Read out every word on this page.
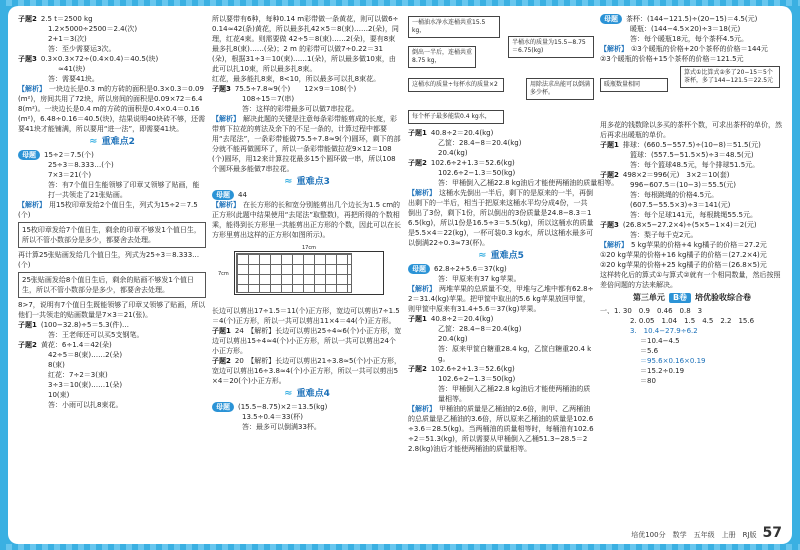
子题2 2.5 t＝2500 kg
1.2×5000÷2500＝2.4(次)
2+1＝3(次)
答：至少需要运3次。
子题3 0.3×0.3×72÷(0.4×0.4)＝40.5(块)
≈41(块)
答：需要41块。
【解析】 一块边长是0.3 m的方砖的面积是0.3×0.3＝0.09(m²)，房间共用了72块，所以房间的面积是0.09×72＝6.48(m²)。一块边长是0.4 m的方砖的面积是0.4×0.4＝0.16(m²)，6.48÷0.16＝40.5(块)，结果说明40块砖不够，还需要41块才能铺满，所以要用“进一法”，即需要41块。
≈ 重难点2
母题 15÷2＝7.5(个)
25÷3＝8.333…(个)
7×3＝21(个)
答：有7个值日生能领够了印章又领够了贴画，能打一共领走了21张贴画。
【解析】 用15枚印章发给2个值日生，列式为15÷2＝7.5(个)
15枚印章发给7个值日生，剩余的印章不够发1个值日生，所以不管小数部分是多少，都要舍去处理。
再计算25张贴画发给几个值日生，列式为25÷3＝8.333…(个)
25张贴画发给8个值日生后，剩余的贴画不够发1个值日生，所以不管小数部分是多少，都要舍去处理。
8>7，说明有7个值日生既能领够了印章又领够了贴画，所以他们一共领走的贴画数量是7×3＝21(张)。
子题1 (100−32.8)÷5＝5.3(件)…
答：王老师还可以买5支钢笔。
子题2 黄花：6÷1.4＝42(朵)
42÷5＝8(束)……2(朵)
8(束)
红花：7÷2＝3(束)
3÷3＝10(束)……1(朵)
10(束)
答：小雨可以扎8束花。
所以要带有6种，每种0.14 m彩带做一条黄花，则可以做6÷0.14≈42(条)黄花，所以最多扎42×5＝8(束)……2(朵)，同理，红花4束。则需要做 42÷5＝8(束)……2(朵)，要有8束最多扎8(束)……(朵)；2 m 的彩带可以做7÷0.22＝31(朵)，根据31÷3＝10(束)……1(朵)，所以最多做10束，由此可以扎10束，所以最多扎8束。
红花，最多能扎8束，8<10，所以最多可以扎8束花。
子题3 75.5÷7.8≈9(个)　　12×9＝108(个)
108÷15＝7(串)
答：这样的彩带最多可以做7串拉花。
【解析】 解决此题的关键是注意每条彩带能剪成的长度，彩带剪下拉花的剪法及余下的不足一条的，计算过程中都要用“去尾法”，一条彩带能做75.5÷7.8≈9(个)圆环，剩下的部分就不能再做圆环了，所以一条彩带能做拉花9×12＝108(个)圆环，用12来计算拉花最多15个圆环做一串，所以108个圆环最多能做7串拉花。
≈ 重难点3
母题 44
【解析】 在长方形的长和宽分别能剪出几个边长为1.5 cm的正方形(此题中结果使用“去尾法”取整数)，再把所得的个数相乘，能得到长方形里一共能剪出正方形的个数，因此可以在长方形里剪出这样的正方形(如图所示)。
17cm
7cm
长边可以剪出17÷1.5＝11(个)正方形，宽边可以剪出7÷1.5＝4(个)正方形，所以一共可以剪出11×4＝44(个)正方形。
子题1 24　【解析】长边可以剪出25÷4≈6(个)小正方形，宽边可以剪出15÷4≈4(个)小正方形，所以一共可以剪出24个小正方形。
子题2 20　【解析】长边可以剪出21÷3.8≈5(个)小正方形，宽边可以剪出16÷3.8≈4(个)小正方形，所以一共可以剪出5×4＝20(个)小正方形。
≈ 重难点4
母题 (15.5−8.75)×2＝13.5(kg)
13.5÷0.4＝33(杯)
答：最多可以倒满33杯。
一桶油水净水连桶共重15.5 kg，
倒出一半后，连桶共重8.75 kg，
这桶水的质量÷每杯水的质量×2
每个杯子最多能装0.4 kg水，
半桶水的质量为15.5−8.75＝6.75(kg)
用除法求出能可以倒满多少杯。
子题1 40.8÷2＝20.4(kg)
乙筐：28.4−8＝20.4(kg)
20.4(kg)
子题2 102.6÷2+1.3＝52.6(kg)
102.6÷2−1.3＝50(kg)
答：甲桶倒入乙桶22.8 kg油后才能使两桶油的质量相等。
【解析】 这桶水先倒出一半后，剩下的是原来的一半，再倒出剩下的一半后，相当于把原来这桶水平均分成4份，一共倒出了3份，剩下1份，所以倒出的3份质量是24.8−8.3＝16.5(kg)，所以1份是16.5÷3＝5.5(kg)，所以这桶水的质量是5.5×4＝22(kg)，一杯可装0.3 kg水，所以这桶水最多可以倒满22÷0.3≈73(杯)。
≈ 重难点5
母题 62.8÷2+5.6＝37(kg)
答：甲原来有37 kg苹果。
【解析】 两堆苹果的总质量不变，甲堆与乙堆中都有62.8÷2＝31.4(kg)苹果。把甲筐中取出的5.6 kg苹果放回甲筐，则甲筐中原来有31.4+5.6＝37(kg)苹果。
子题1 40.8÷2＝20.4(kg)
乙筐：28.4−8＝20.4(kg)
20.4(kg)
答：原来甲筐白糖重28.4 kg，乙筐白糖重20.4 kg。
子题2 102.6÷2+1.3＝52.6(kg)
102.6÷2−1.3＝50(kg)
答：甲桶倒入乙桶22.8 kg油后才能使两桶油的质量相等。
【解析】 甲桶油的质量是乙桶油的2.6倍，则甲、乙两桶油的总质量是乙桶油的3.6倍，所以原来乙桶油的质量是102.6÷3.6＝28.5(kg)。当两桶油的质量相等时，每桶油有102.6÷2＝51.3(kg)，所以需要从甲桶倒入乙桶51.3−28.5＝22.8(kg)油后才能使两桶油的质量相等。
母题 茶杯：(144−121.5)÷(20−15)＝4.5(元)
暖瓶：(144−4.5×20)÷3＝18(元)
答：每个暖瓶18元，每个茶杯4.5元。
【解析】 ①3个暖瓶的价格+20个茶杯的价格＝144元
②3个暖瓶的价格+15个茶杯的价格＝121.5元
暖瓶数量相同
算式①比算式②多了20−15＝5个茶杯，多了144−121.5＝22.5元
用多花的钱数除以多买的茶杯个数，可求出茶杯的单价，然后再求出暖瓶的单价。
子题1 排球：(660.5−557.5)÷(10−8)＝51.5(元)
篮球：(557.5−51.5×5)÷3＝48.5(元)
答：每个篮球48.5元，每个排球51.5元。
子题2 498×2＝996(元)　3×2＝10(套)
996−607.5＝(10−3)＝55.5(元)
答：每根跳绳的价格4.5元。
(607.5−55.5×3)÷3＝141(元)
答：每个足球141元，每根跳绳55.5元。
子题3 (26.8×5−27.2×4)÷(5×5−1×4)＝2(元)
答：梨子每千克2元。
【解析】 5 kg苹果的价格+4 kg橘子的价格＝27.2元
①20 kg苹果的价格+16 kg橘子的价格＝(27.2×4)元
②20 kg苹果的价格+25 kg橘子的价格＝(26.8×5)元
这样转化后的算式①与算式②就有一个相同数量，然后按照差倍问题的方法来解决。
第三单元	B卷	培优验收综合卷
一、1. 30　0.9　0.46　0.8　3
2. 0.05　1.04　1.5　4.5　2.2　15.6
3.　10.4−27.9÷6.2
＝10.4−4.5
＝5.6
＝95.6×0.16×0.19
＝15.2÷0.19
＝80
培优100分　数学　五年级　上册　RJ版 57
